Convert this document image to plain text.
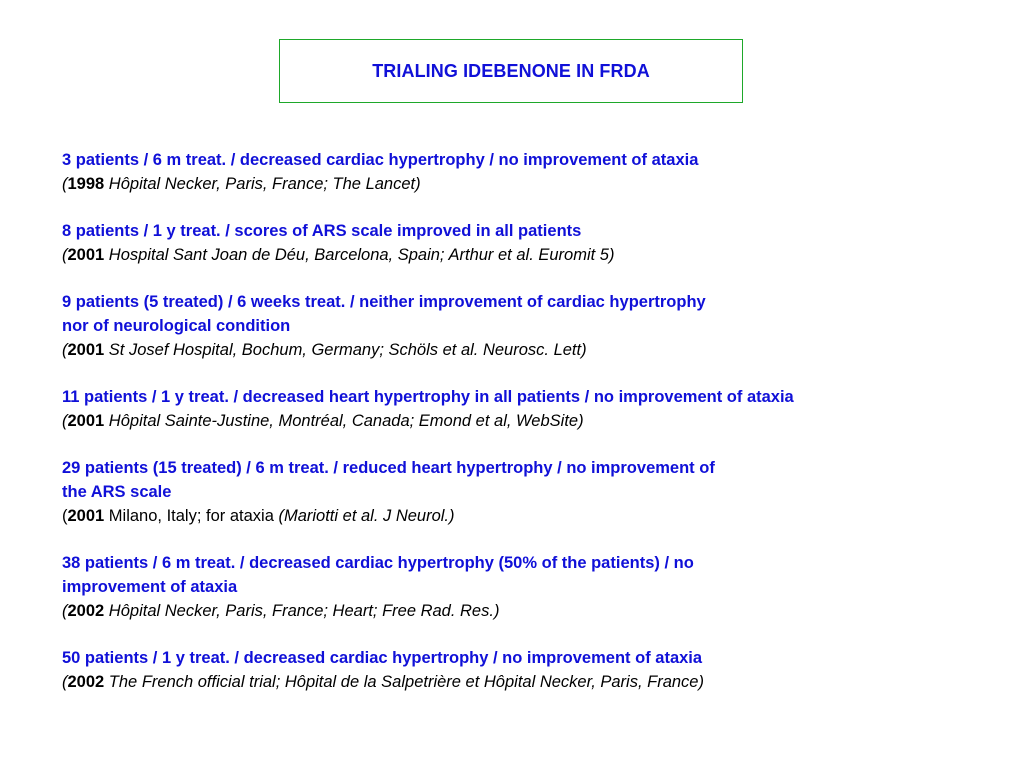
TRIALING IDEBENONE IN FRDA
3 patients / 6 m treat. / decreased cardiac hypertrophy / no improvement of ataxia
(1998 Hôpital Necker, Paris, France; The Lancet)
8 patients / 1 y treat. / scores of ARS scale improved in all patients
(2001 Hospital Sant Joan de Déu, Barcelona, Spain; Arthur et al. Euromit 5)
9 patients (5 treated) / 6 weeks treat. / neither improvement of cardiac hypertrophy
nor of neurological condition
(2001 St Josef Hospital, Bochum, Germany; Schöls et al. Neurosc. Lett)
11 patients / 1 y treat. / decreased heart hypertrophy in all patients / no improvement of ataxia
(2001 Hôpital Sainte-Justine, Montréal, Canada; Emond et al, WebSite)
29 patients (15 treated) / 6 m treat. / reduced heart hypertrophy / no improvement of
the ARS scale
(2001 Milano, Italy; for ataxia (Mariotti et al. J Neurol.)
38 patients / 6 m treat. / decreased cardiac hypertrophy (50% of the patients) / no
improvement of ataxia
(2002 Hôpital Necker, Paris, France; Heart; Free Rad. Res.)
50 patients / 1 y treat. / decreased cardiac hypertrophy / no improvement of ataxia
(2002 The French official trial; Hôpital de la Salpetrière et Hôpital Necker, Paris, France)
